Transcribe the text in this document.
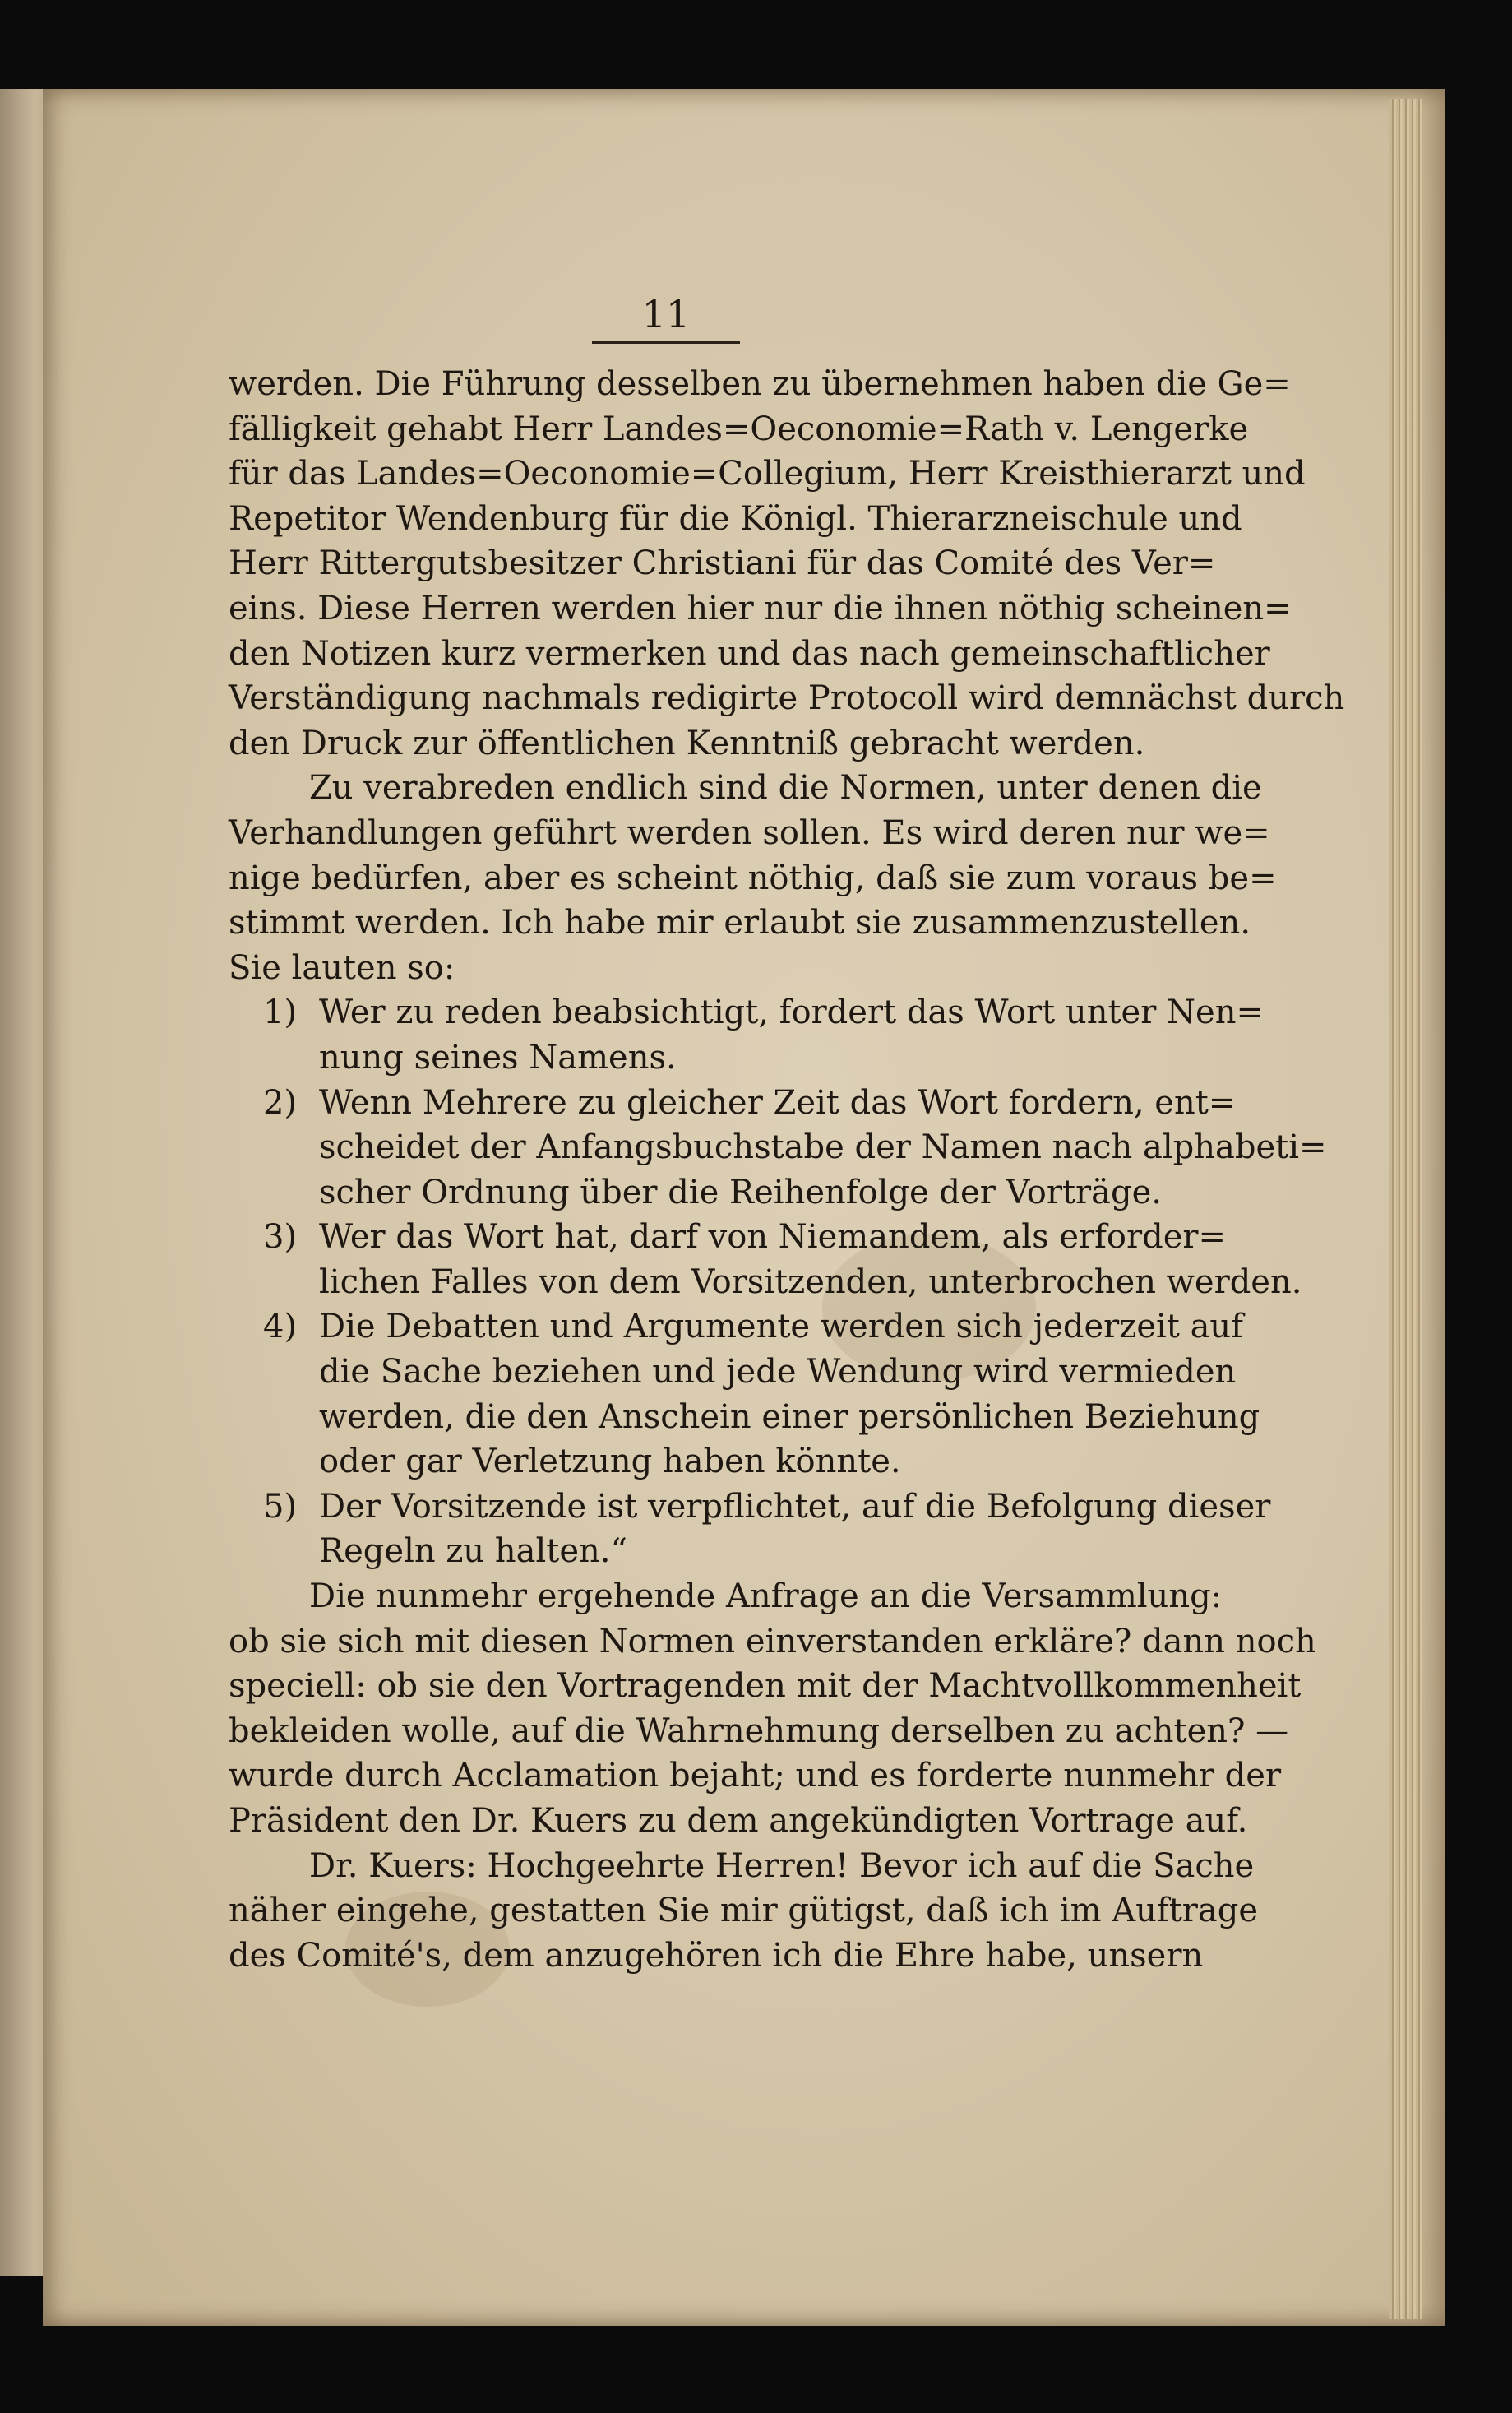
11
werden. Die Führung desselben zu übernehmen haben die Ge=
fälligkeit gehabt Herr Landes=Oeconomie=Rath v. Lengerke
für das Landes=Oeconomie=Collegium, Herr Kreisthierarzt und
Repetitor Wendenburg für die Königl. Thierarzneischule und
Herr Rittergutsbesitzer Christiani für das Comité des Ver=
eins. Diese Herren werden hier nur die ihnen nöthig scheinen=
den Notizen kurz vermerken und das nach gemeinschaftlicher
Verständigung nachmals redigirte Protocoll wird demnächst durch
den Druck zur öffentlichen Kenntniß gebracht werden.
Zu verabreden endlich sind die Normen, unter denen die
Verhandlungen geführt werden sollen. Es wird deren nur we=
nige bedürfen, aber es scheint nöthig, daß sie zum voraus be=
stimmt werden. Ich habe mir erlaubt sie zusammenzustellen.
Sie lauten so:
1) Wer zu reden beabsichtigt, fordert das Wort unter Nen=
nung seines Namens.
2) Wenn Mehrere zu gleicher Zeit das Wort fordern, ent=
scheidet der Anfangsbuchstabe der Namen nach alphabeti=
scher Ordnung über die Reihenfolge der Vorträge.
3) Wer das Wort hat, darf von Niemandem, als erforder=
lichen Falles von dem Vorsitzenden, unterbrochen werden.
4) Die Debatten und Argumente werden sich jederzeit auf
die Sache beziehen und jede Wendung wird vermieden
werden, die den Anschein einer persönlichen Beziehung
oder gar Verletzung haben könnte.
5) Der Vorsitzende ist verpflichtet, auf die Befolgung dieser
Regeln zu halten.“
Die nunmehr ergehende Anfrage an die Versammlung:
ob sie sich mit diesen Normen einverstanden erkläre? dann noch
speciell: ob sie den Vortragenden mit der Machtvollkommenheit
bekleiden wolle, auf die Wahrnehmung derselben zu achten? —
wurde durch Acclamation bejaht; und es forderte nunmehr der
Präsident den Dr. Kuers zu dem angekündigten Vortrage auf.
Dr. Kuers: Hochgeehrte Herren! Bevor ich auf die Sache
näher eingehe, gestatten Sie mir gütigst, daß ich im Auftrage
des Comité's, dem anzugehören ich die Ehre habe, unsern
